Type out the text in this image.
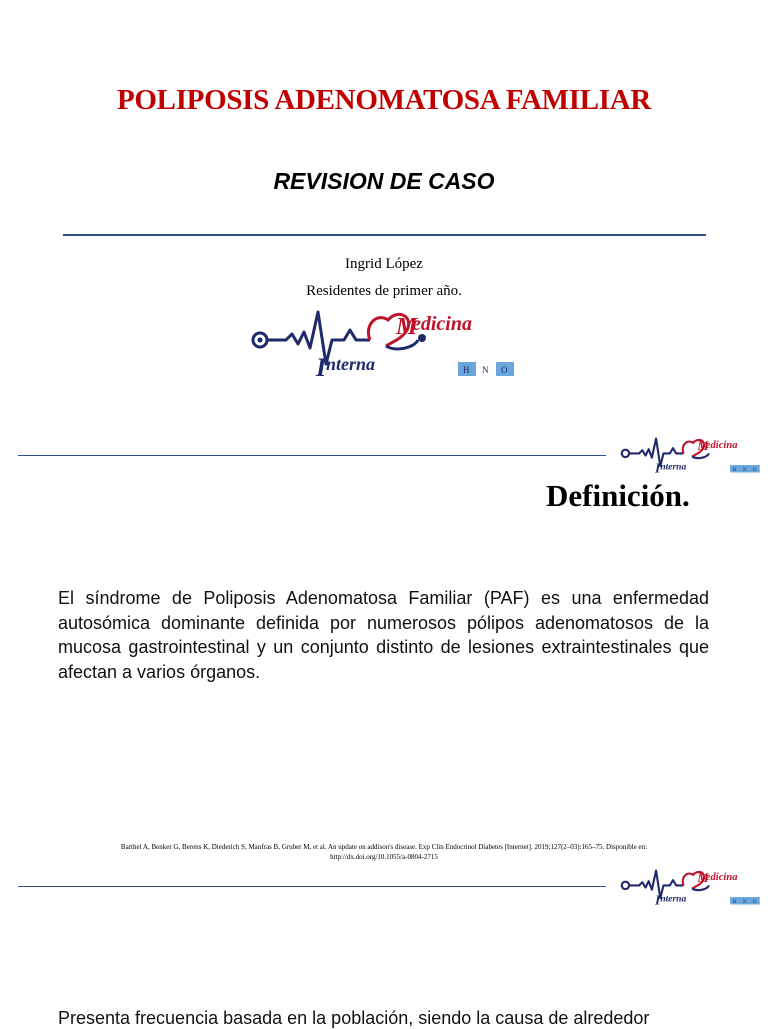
POLIPOSIS ADENOMATOSA FAMILIAR
REVISION DE CASO
Ingrid López
Residentes de primer año.
M
edicina
I nterna	H N O
M
edicina
I nterna	H N O
Definición.
El síndrome de Poliposis Adenomatosa Familiar (PAF) es una enfermedad autosómica dominante definida por numerosos pólipos adenomatosos de la mucosa gastrointestinal y un conjunto distinto de lesiones extraintestinales que afectan a varios órganos.
Barthel A, Benker G, Berens K, Diederich S, Manfras B, Gruber M, et al. An update on addison's disease. Exp Clin Endocrinol Diabetes [Internet]. 2019;127(2–03):165–75. Disponible en:
http://dx.doi.org/10.1055/a-0804-2715
M
edicina
I nterna	H N O
Presenta frecuencia basada en la población, siendo la causa de alrededor
